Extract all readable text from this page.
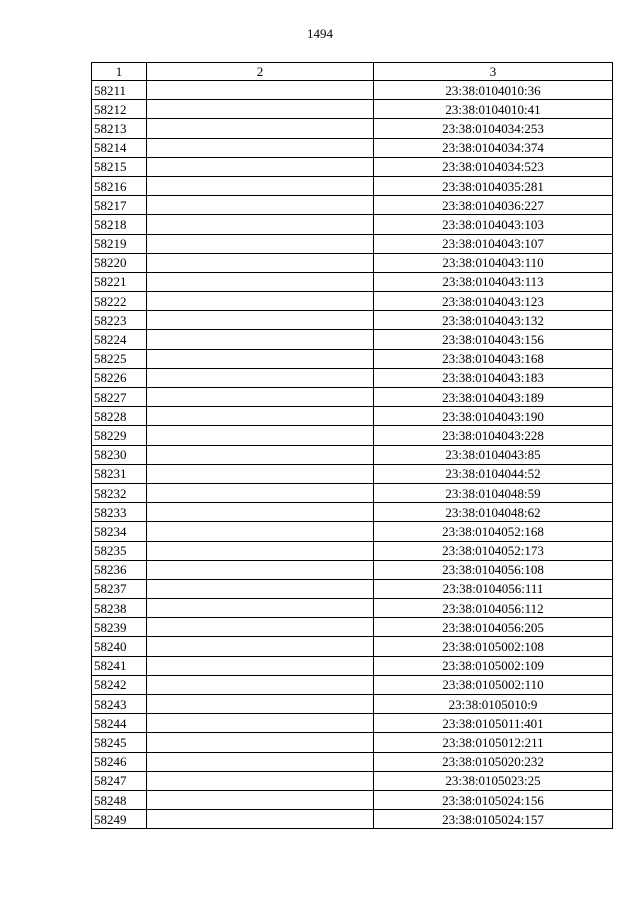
1494
1	2	3
58211		23:38:0104010:36
58212		23:38:0104010:41
58213		23:38:0104034:253
58214		23:38:0104034:374
58215		23:38:0104034:523
58216		23:38:0104035:281
58217		23:38:0104036:227
58218		23:38:0104043:103
58219		23:38:0104043:107
58220		23:38:0104043:110
58221		23:38:0104043:113
58222		23:38:0104043:123
58223		23:38:0104043:132
58224		23:38:0104043:156
58225		23:38:0104043:168
58226		23:38:0104043:183
58227		23:38:0104043:189
58228		23:38:0104043:190
58229		23:38:0104043:228
58230		23:38:0104043:85
58231		23:38:0104044:52
58232		23:38:0104048:59
58233		23:38:0104048:62
58234		23:38:0104052:168
58235		23:38:0104052:173
58236		23:38:0104056:108
58237		23:38:0104056:111
58238		23:38:0104056:112
58239		23:38:0104056:205
58240		23:38:0105002:108
58241		23:38:0105002:109
58242		23:38:0105002:110
58243		23:38:0105010:9
58244		23:38:0105011:401
58245		23:38:0105012:211
58246		23:38:0105020:232
58247		23:38:0105023:25
58248		23:38:0105024:156
58249		23:38:0105024:157
